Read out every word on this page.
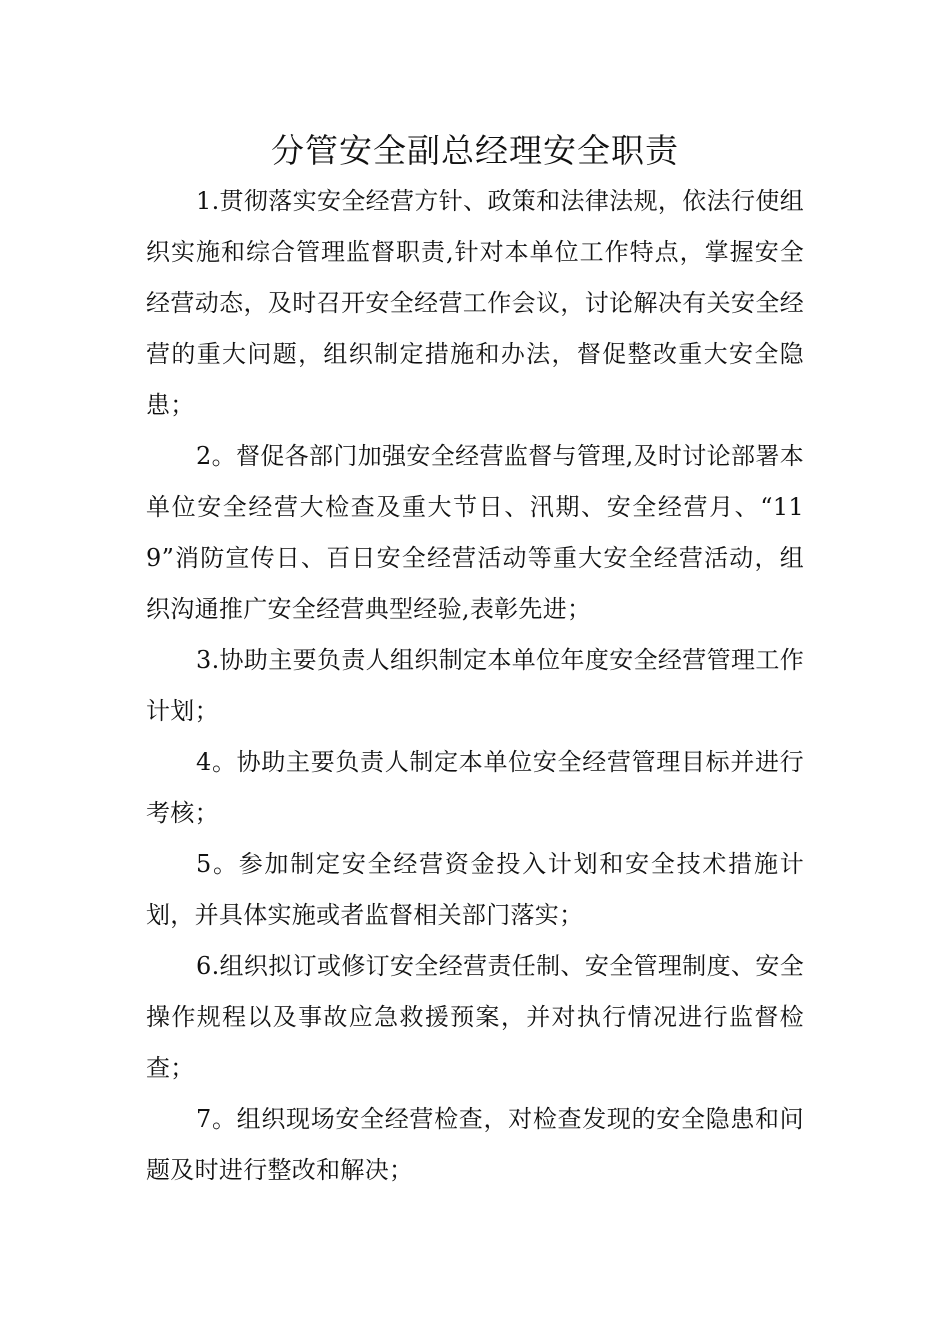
分管安全副总经理安全职责

1.贯彻落实安全经营方针、政策和法律法规，依法行使组织实施和综合管理监督职责,针对本单位工作特点，掌握安全经营动态，及时召开安全经营工作会议，讨论解决有关安全经营的重大问题，组织制定措施和办法，督促整改重大安全隐患；

2。督促各部门加强安全经营监督与管理,及时讨论部署本单位安全经营大检查及重大节日、汛期、安全经营月、“119”消防宣传日、百日安全经营活动等重大安全经营活动，组织沟通推广安全经营典型经验,表彰先进；

3.协助主要负责人组织制定本单位年度安全经营管理工作计划；

4。协助主要负责人制定本单位安全经营管理目标并进行考核；

5。参加制定安全经营资金投入计划和安全技术措施计划，并具体实施或者监督相关部门落实；

6.组织拟订或修订安全经营责任制、安全管理制度、安全操作规程以及事故应急救援预案，并对执行情况进行监督检查；

7。组织现场安全经营检查，对检查发现的安全隐患和问题及时进行整改和解决；
